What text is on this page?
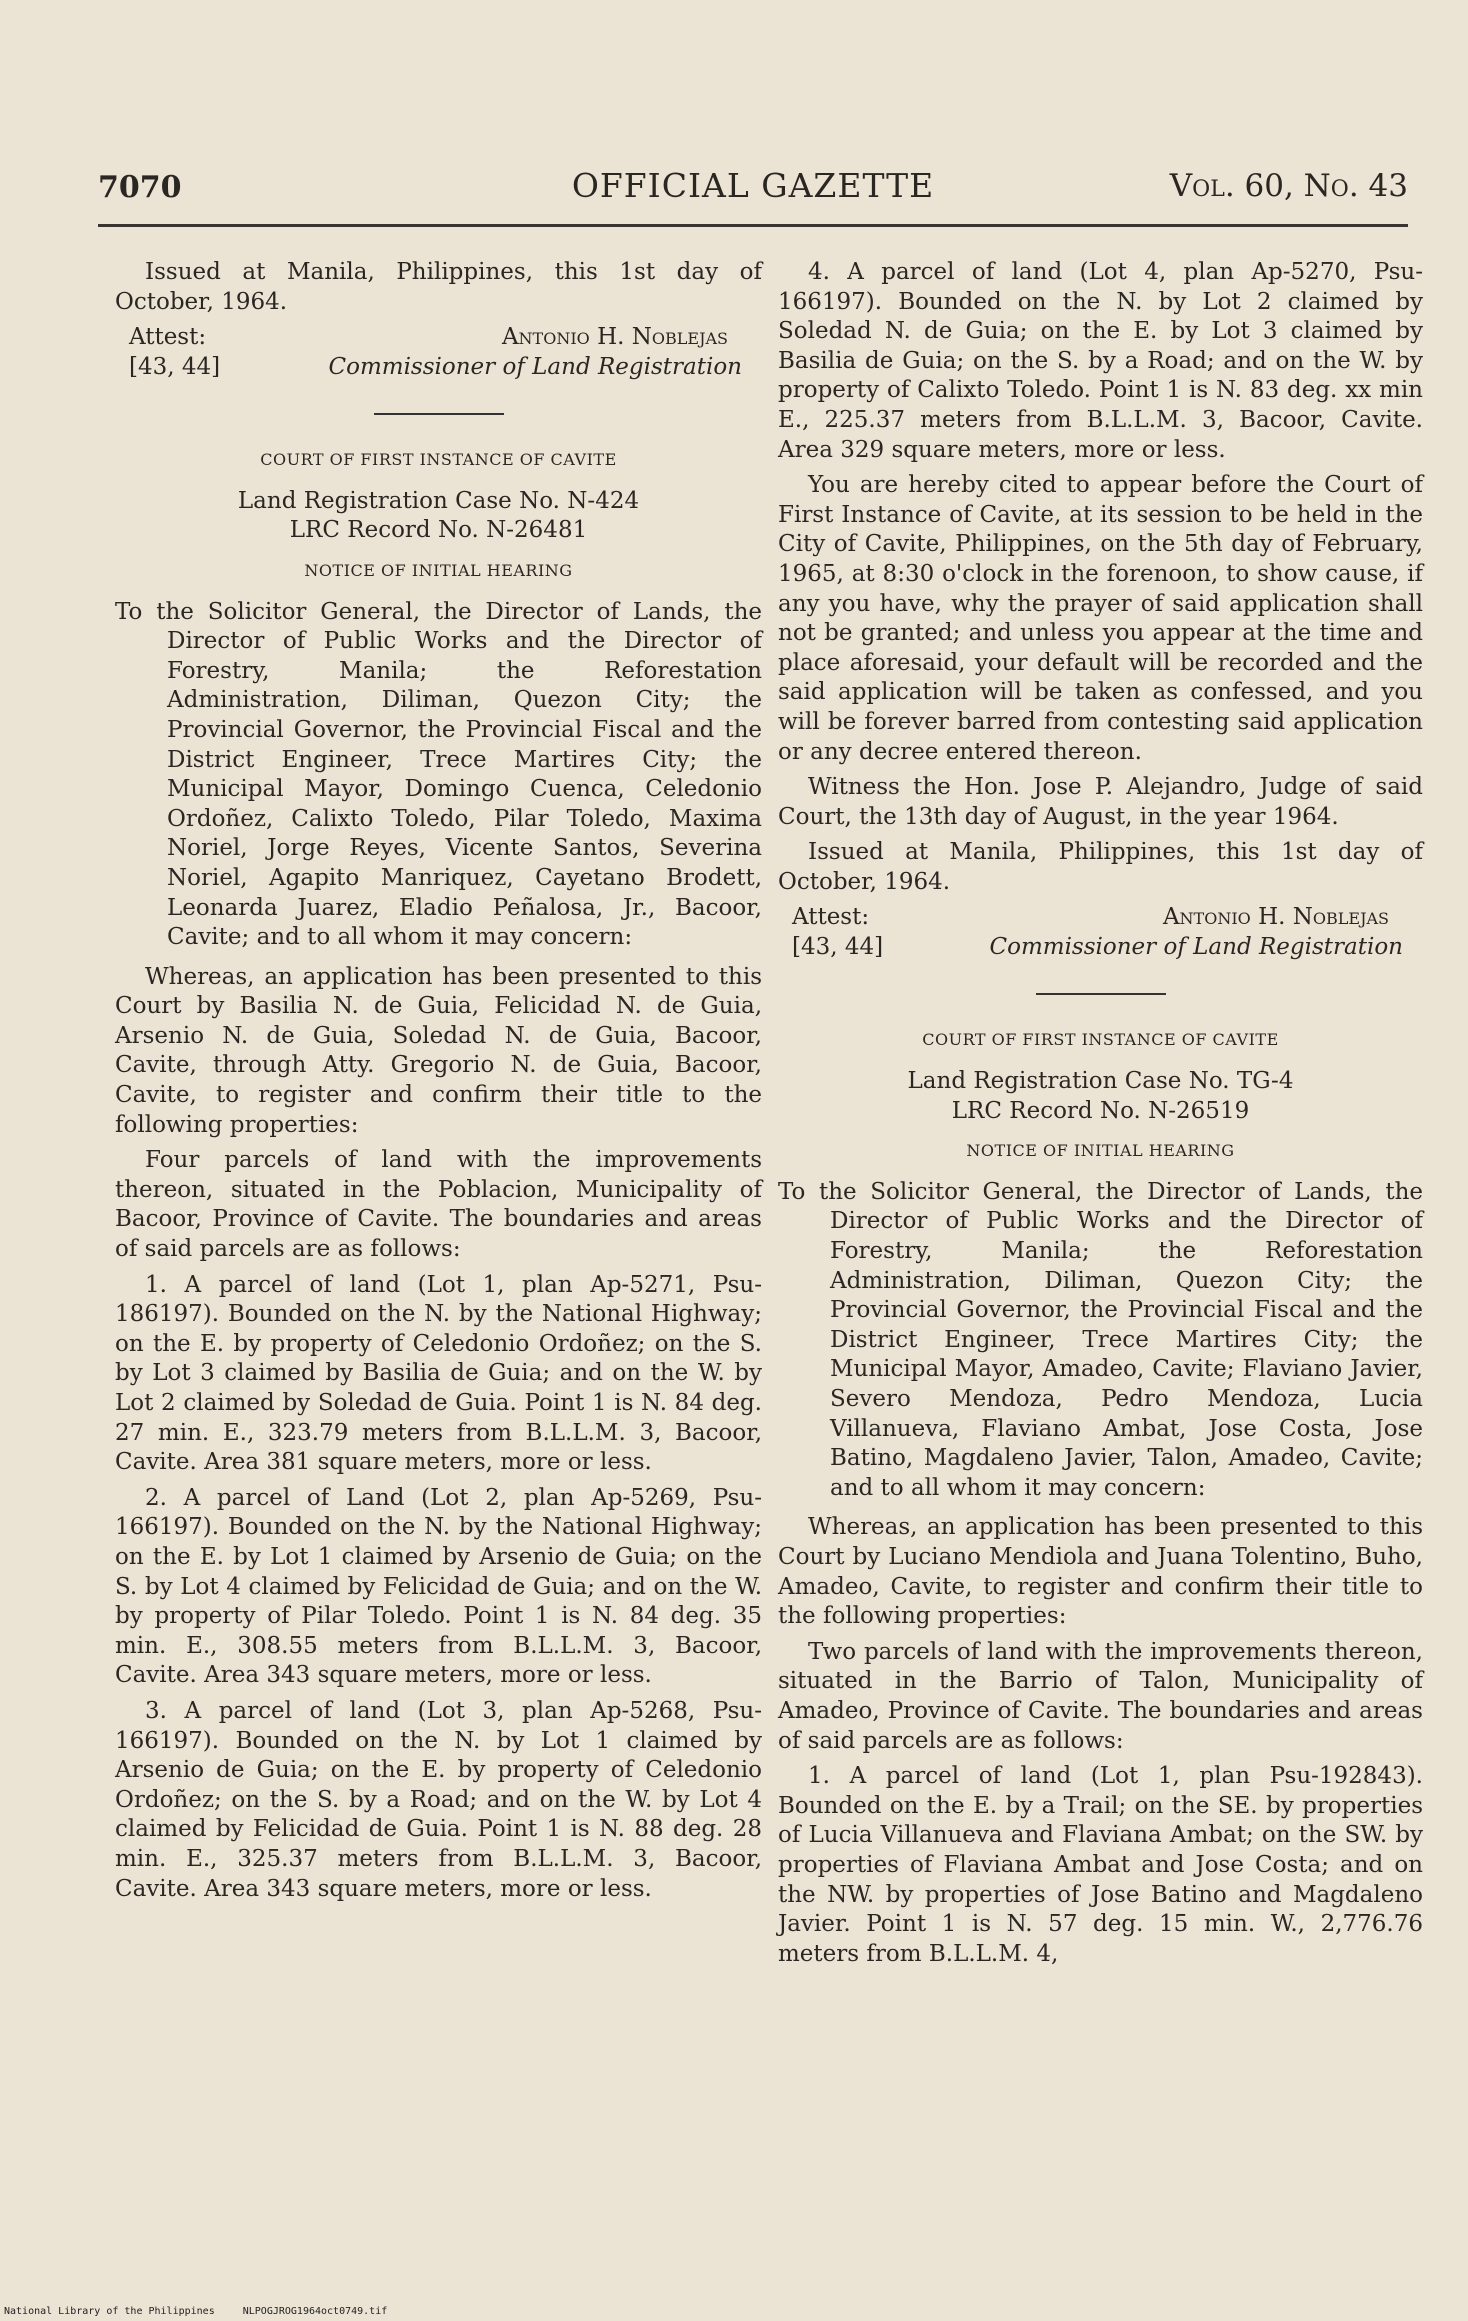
7070	OFFICIAL GAZETTE	Vol. 60, No. 43

Issued at Manila, Philippines, this 1st day of October, 1964.

Attest:
[43, 44]
Antonio H. Noblejas
Commissioner of Land Registration
COURT OF FIRST INSTANCE OF CAVITE

Land Registration Case No. N-424

LRC Record No. N-26481

NOTICE OF INITIAL HEARING

To the Solicitor General, the Director of Lands, the Director of Public Works and the Director of Forestry, Manila; the Reforestation Administration, Diliman, Quezon City; the Provincial Governor, the Provincial Fiscal and the District Engineer, Trece Martires City; the Municipal Mayor, Domingo Cuenca, Celedonio Ordoñez, Calixto Toledo, Pilar Toledo, Maxima Noriel, Jorge Reyes, Vicente Santos, Severina Noriel, Agapito Manriquez, Cayetano Brodett, Leonarda Juarez, Eladio Peñalosa, Jr., Bacoor, Cavite; and to all whom it may concern:

Whereas, an application has been presented to this Court by Basilia N. de Guia, Felicidad N. de Guia, Arsenio N. de Guia, Soledad N. de Guia, Bacoor, Cavite, through Atty. Gregorio N. de Guia, Bacoor, Cavite, to register and confirm their title to the following properties:

Four parcels of land with the improvements thereon, situated in the Poblacion, Municipality of Bacoor, Province of Cavite. The boundaries and areas of said parcels are as follows:

1. A parcel of land (Lot 1, plan Ap-5271, Psu-186197). Bounded on the N. by the National Highway; on the E. by property of Celedonio Ordoñez; on the S. by Lot 3 claimed by Basilia de Guia; and on the W. by Lot 2 claimed by Soledad de Guia. Point 1 is N. 84 deg. 27 min. E., 323.79 meters from B.L.L.M. 3, Bacoor, Cavite. Area 381 square meters, more or less.

2. A parcel of Land (Lot 2, plan Ap-5269, Psu-166197). Bounded on the N. by the National Highway; on the E. by Lot 1 claimed by Arsenio de Guia; on the S. by Lot 4 claimed by Felicidad de Guia; and on the W. by property of Pilar Toledo. Point 1 is N. 84 deg. 35 min. E., 308.55 meters from B.L.L.M. 3, Bacoor, Cavite. Area 343 square meters, more or less.

3. A parcel of land (Lot 3, plan Ap-5268, Psu-166197). Bounded on the N. by Lot 1 claimed by Arsenio de Guia; on the E. by property of Celedonio Ordoñez; on the S. by a Road; and on the W. by Lot 4 claimed by Felicidad de Guia. Point 1 is N. 88 deg. 28 min. E., 325.37 meters from B.L.L.M. 3, Bacoor, Cavite. Area 343 square meters, more or less.

4. A parcel of land (Lot 4, plan Ap-5270, Psu-166197). Bounded on the N. by Lot 2 claimed by Soledad N. de Guia; on the E. by Lot 3 claimed by Basilia de Guia; on the S. by a Road; and on the W. by property of Calixto Toledo. Point 1 is N. 83 deg. xx min E., 225.37 meters from B.L.L.M. 3, Bacoor, Cavite. Area 329 square meters, more or less.

You are hereby cited to appear before the Court of First Instance of Cavite, at its session to be held in the City of Cavite, Philippines, on the 5th day of February, 1965, at 8:30 o'clock in the forenoon, to show cause, if any you have, why the prayer of said application shall not be granted; and unless you appear at the time and place aforesaid, your default will be recorded and the said application will be taken as confessed, and you will be forever barred from contesting said application or any decree entered thereon.

Witness the Hon. Jose P. Alejandro, Judge of said Court, the 13th day of August, in the year 1964.

Issued at Manila, Philippines, this 1st day of October, 1964.

Attest:
[43, 44]
Antonio H. Noblejas
Commissioner of Land Registration
COURT OF FIRST INSTANCE OF CAVITE

Land Registration Case No. TG-4

LRC Record No. N-26519

NOTICE OF INITIAL HEARING

To the Solicitor General, the Director of Lands, the Director of Public Works and the Director of Forestry, Manila; the Reforestation Administration, Diliman, Quezon City; the Provincial Governor, the Provincial Fiscal and the District Engineer, Trece Martires City; the Municipal Mayor, Amadeo, Cavite; Flaviano Javier, Severo Mendoza, Pedro Mendoza, Lucia Villanueva, Flaviano Ambat, Jose Costa, Jose Batino, Magdaleno Javier, Talon, Amadeo, Cavite; and to all whom it may concern:

Whereas, an application has been presented to this Court by Luciano Mendiola and Juana Tolentino, Buho, Amadeo, Cavite, to register and confirm their title to the following properties:

Two parcels of land with the improvements thereon, situated in the Barrio of Talon, Municipality of Amadeo, Province of Cavite. The boundaries and areas of said parcels are as follows:

1. A parcel of land (Lot 1, plan Psu-192843). Bounded on the E. by a Trail; on the SE. by properties of Lucia Villanueva and Flaviana Ambat; on the SW. by properties of Flaviana Ambat and Jose Costa; and on the NW. by properties of Jose Batino and Magdaleno Javier. Point 1 is N. 57 deg. 15 min. W., 2,776.76 meters from B.L.L.M. 4,

National Library of the Philippines	NLPOGJROG1964oct0749.tif
